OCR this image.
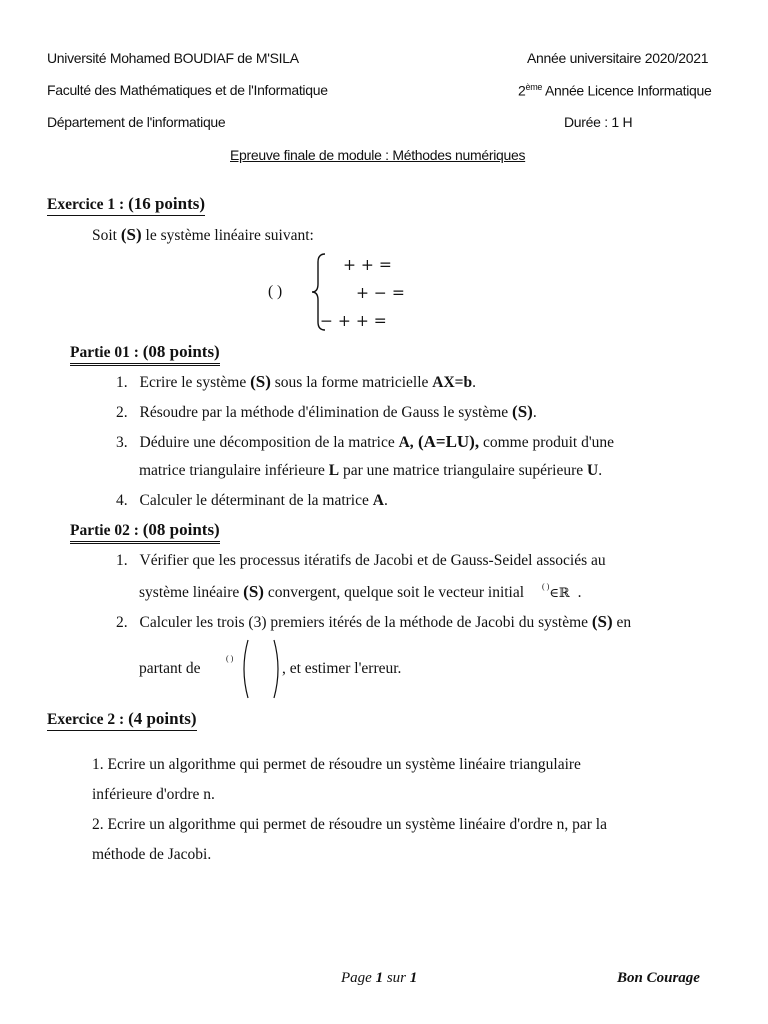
Université Mohamed BOUDIAF de M'SILA	Année universitaire 2020/2021
Faculté des Mathématiques et de l'Informatique	2ème Année Licence Informatique
Département de l'informatique	Durée : 1 H
Epreuve finale de module : Méthodes numériques
Exercice 1 : (16 points)
Soit (S) le système linéaire suivant:
( )
+ + =
+ − =
− + + =
Partie 01 : (08 points)
1. Ecrire le système (S) sous la forme matricielle AX=b.
2. Résoudre par la méthode d'élimination de Gauss le système (S).
3. Déduire une décomposition de la matrice A, (A=LU), comme produit d'une
matrice triangulaire inférieure L par une matrice triangulaire supérieure U.
4. Calculer le déterminant de la matrice A.
Partie 02 : (08 points)
1. Vérifier que les processus itératifs de Jacobi et de Gauss-Seidel associés au
système linéaire (S) convergent, quelque soit le vecteur initial ( )∈ℝ .
2. Calculer les trois (3) premiers itérés de la méthode de Jacobi du système (S) en
partant de
( )
, et estimer l'erreur.
Exercice 2 : (4 points)
1. Ecrire un algorithme qui permet de résoudre un système linéaire triangulaire
inférieure d'ordre n.
2. Ecrire un algorithme qui permet de résoudre un système linéaire d'ordre n, par la
méthode de Jacobi.
Page 1 sur 1	Bon Courage
